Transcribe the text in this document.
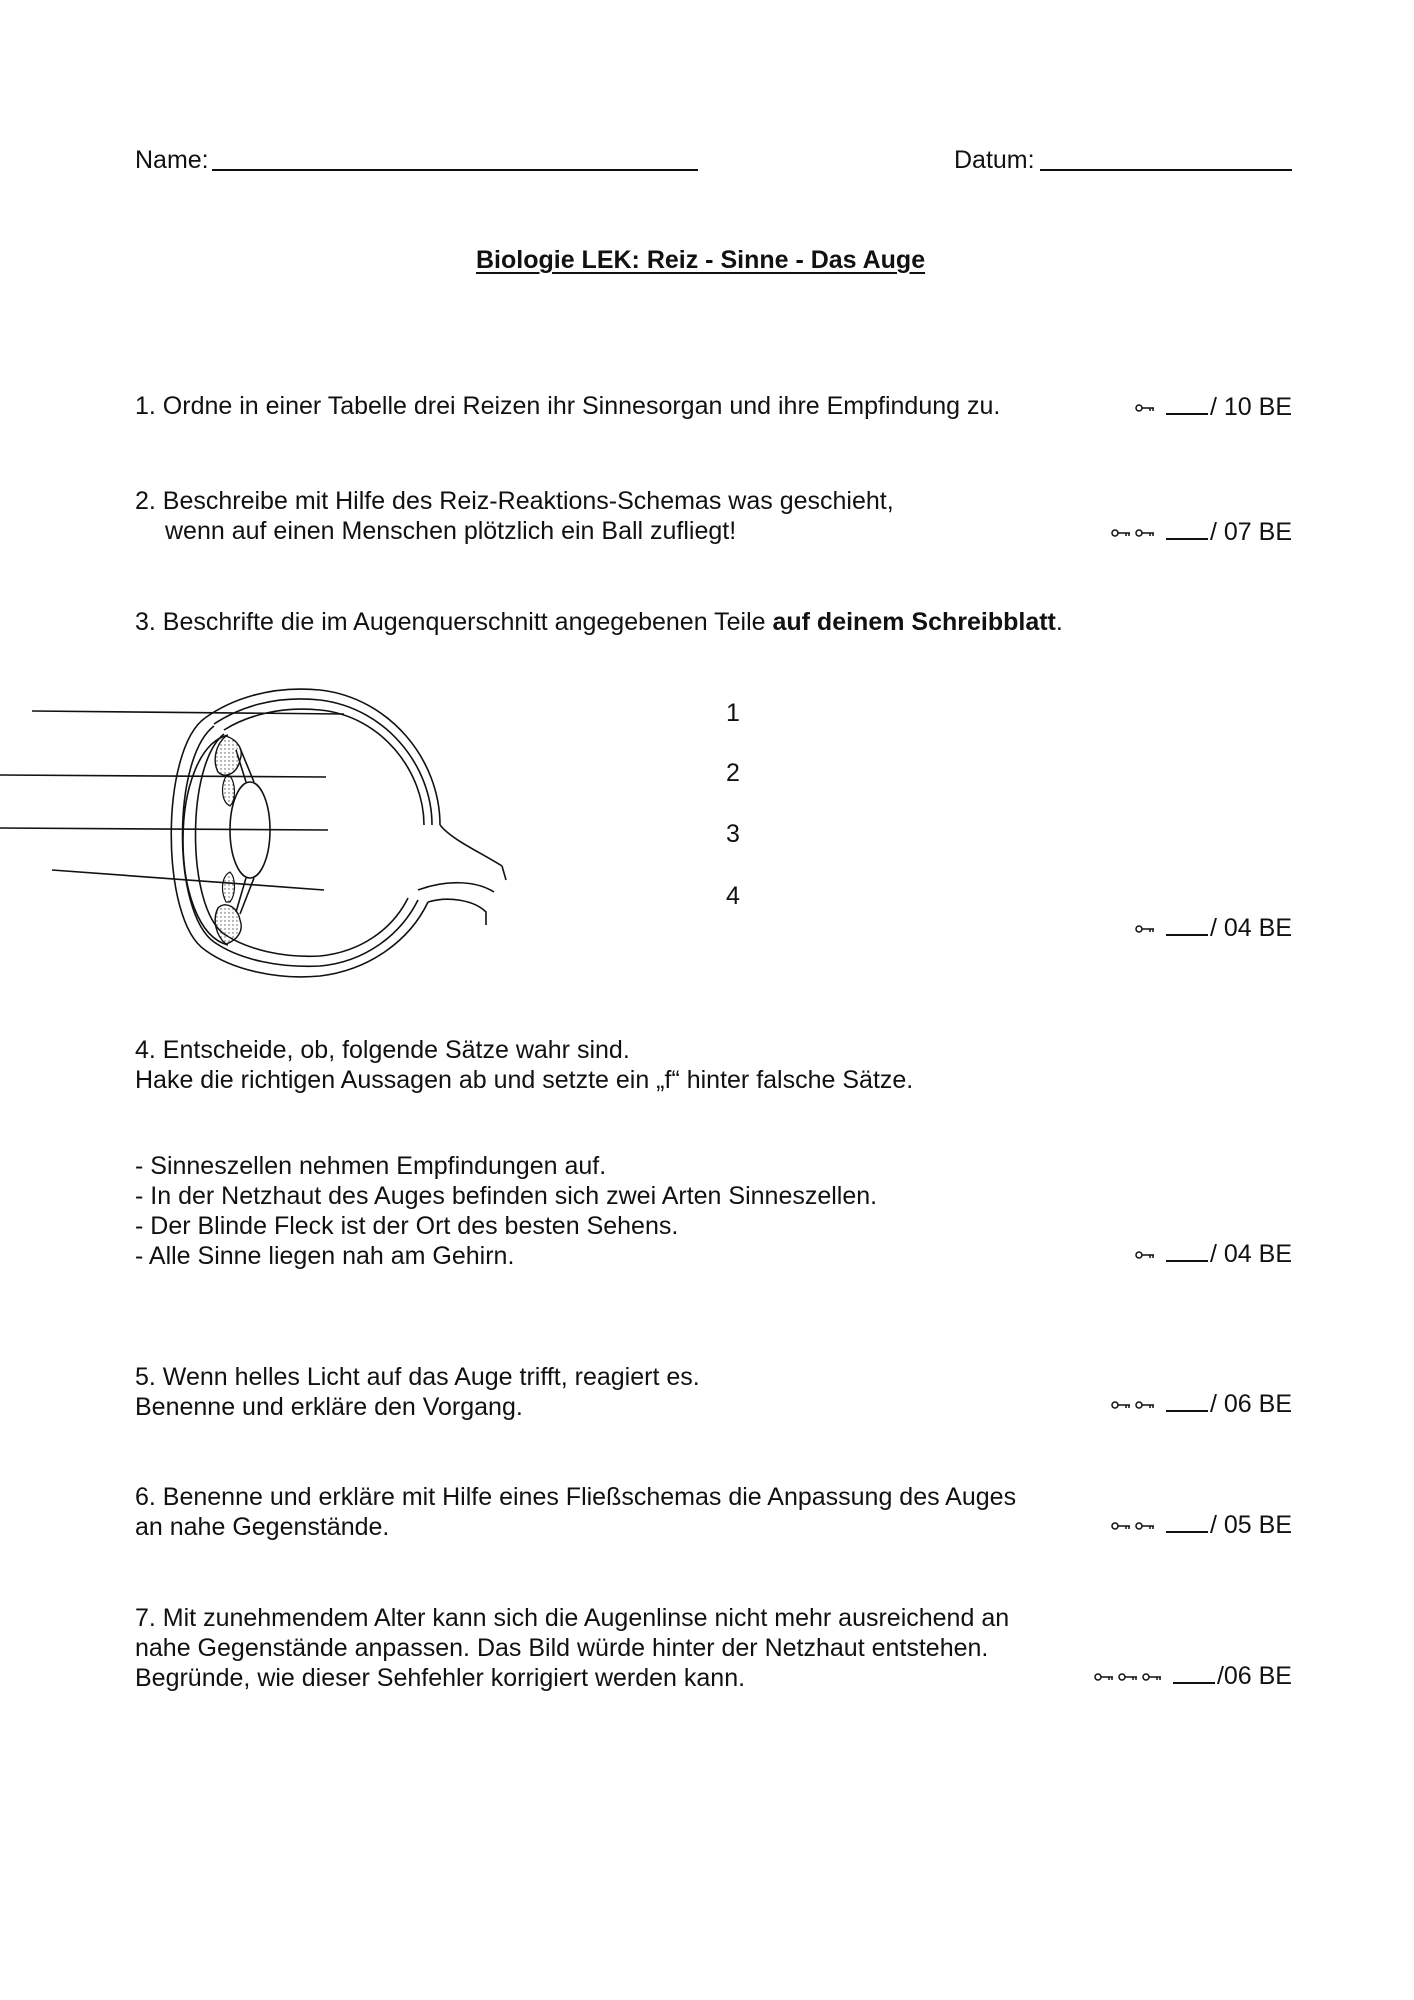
Name:	Datum:
Biologie LEK: Reiz - Sinne - Das Auge
1. Ordne in einer Tabelle drei Reizen ihr Sinnesorgan und ihre Empfindung zu.	/ 10 BE
2. Beschreibe mit Hilfe des Reiz-Reaktions-Schemas was geschieht,
wenn auf einen Menschen plötzlich ein Ball zufliegt!	/ 07 BE
3. Beschrifte die im Augenquerschnitt angegebenen Teile auf deinem Schreibblatt.
1
2
3
4
/ 04 BE
4. Entscheide, ob, folgende Sätze wahr sind.
Hake die richtigen Aussagen ab und setzte ein „f“ hinter falsche Sätze.
- Sinneszellen nehmen Empfindungen auf.
- In der Netzhaut des Auges befinden sich zwei Arten Sinneszellen.
- Der Blinde Fleck ist der Ort des besten Sehens.
- Alle Sinne liegen nah am Gehirn.	/ 04 BE
5. Wenn helles Licht auf das Auge trifft, reagiert es.
Benenne und erkläre den Vorgang.	/ 06 BE
6. Benenne und erkläre mit Hilfe eines Fließschemas die Anpassung des Auges
an nahe Gegenstände.	/ 05 BE
7. Mit zunehmendem Alter kann sich die Augenlinse nicht mehr ausreichend an
nahe Gegenstände anpassen. Das Bild würde hinter der Netzhaut entstehen.
Begründe, wie dieser Sehfehler korrigiert werden kann.	/06 BE
